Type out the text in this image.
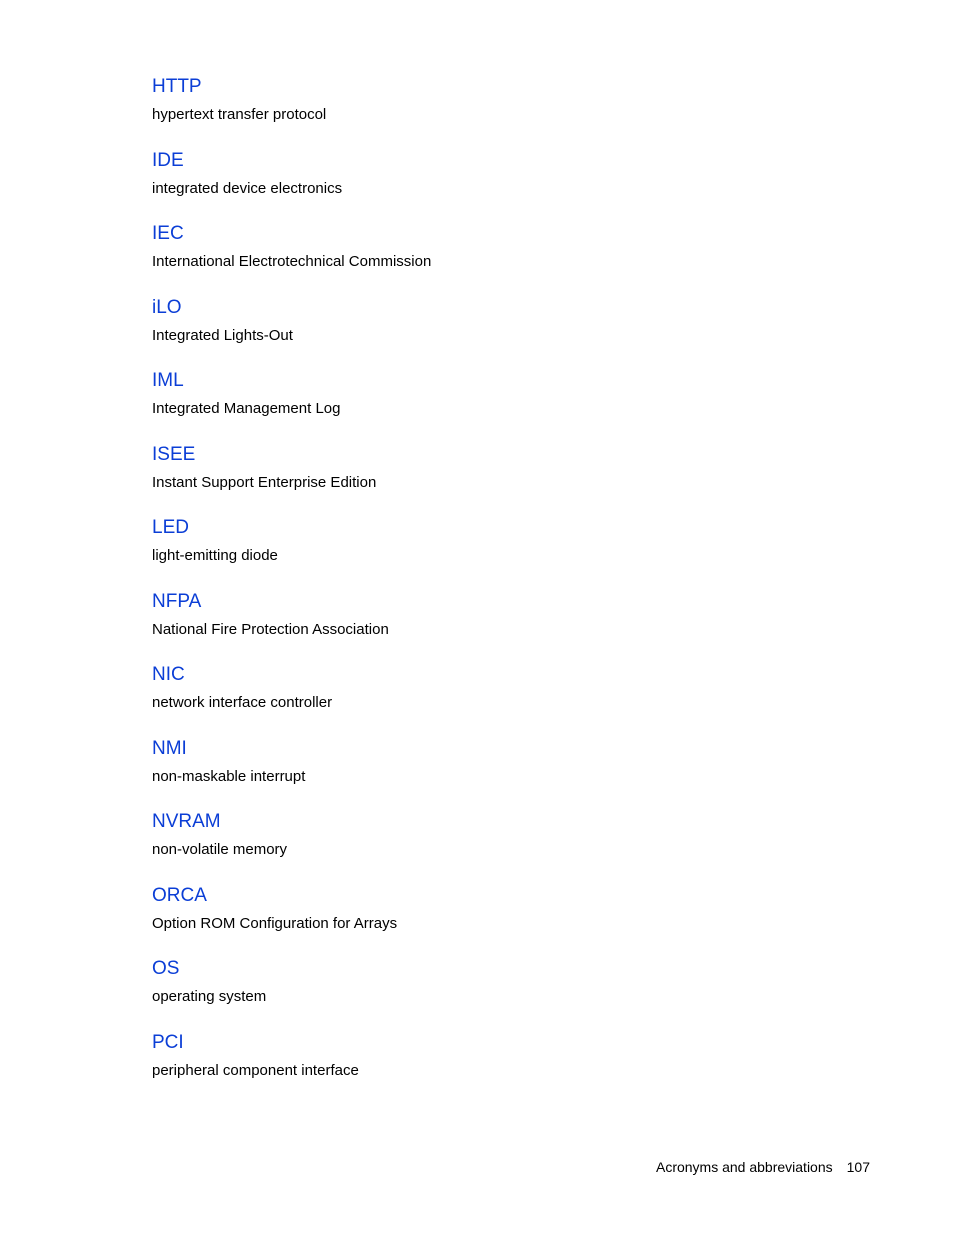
HTTP
hypertext transfer protocol
IDE
integrated device electronics
IEC
International Electrotechnical Commission
iLO
Integrated Lights-Out
IML
Integrated Management Log
ISEE
Instant Support Enterprise Edition
LED
light-emitting diode
NFPA
National Fire Protection Association
NIC
network interface controller
NMI
non-maskable interrupt
NVRAM
non-volatile memory
ORCA
Option ROM Configuration for Arrays
OS
operating system
PCI
peripheral component interface
Acronyms and abbreviations 107
